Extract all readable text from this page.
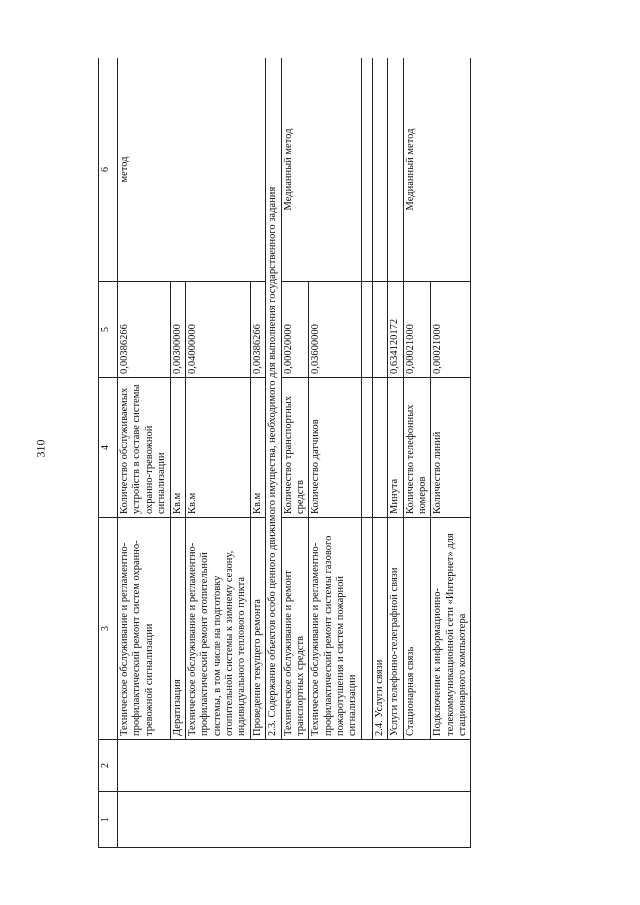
310
1	2	3	4	5	6
		Техническое обслуживание и регламентно-профилактический ремонт систем охранно-тревожной сигнализации	Количество обслуживаемых устройств в составе системы охранно-тревожной сигнализации	0,00386266	метод
		Дератизация	Кв.м	0,00300000	
		Техническое обслуживание и регламентно-профилактический ремонт отопительной системы, в том числе на подготовку отопительной системы к зимнему сезону, индивидуального теплового пункта	Кв.м	0,04000000	
		Проведение текущего ремонта	Кв.м	0,00386266	
		2.3. Содержание объектов особо ценного движимого имущества, необходимого для выполнения государственного задания			
		Техническое обслуживание и ремонт транспортных средств	Количество транспортных средств	0,00020000	Медианный метод
		Техническое обслуживание и регламентно-профилактический ремонт системы газового пожаротушения и систем пожарной сигнализации	Количество датчиков	0,03600000	

		2.4. Услуги связи			
		Услуги телефонно-телеграфной связи	Минута	0,634120172	
		Стационарная связь	Количество телефонных номеров	0,00021000	Медианный метод
		Подключение к информационно-телекоммуникационной сети «Интернет» для стационарного компьютера	Количество линий	0,00021000	
